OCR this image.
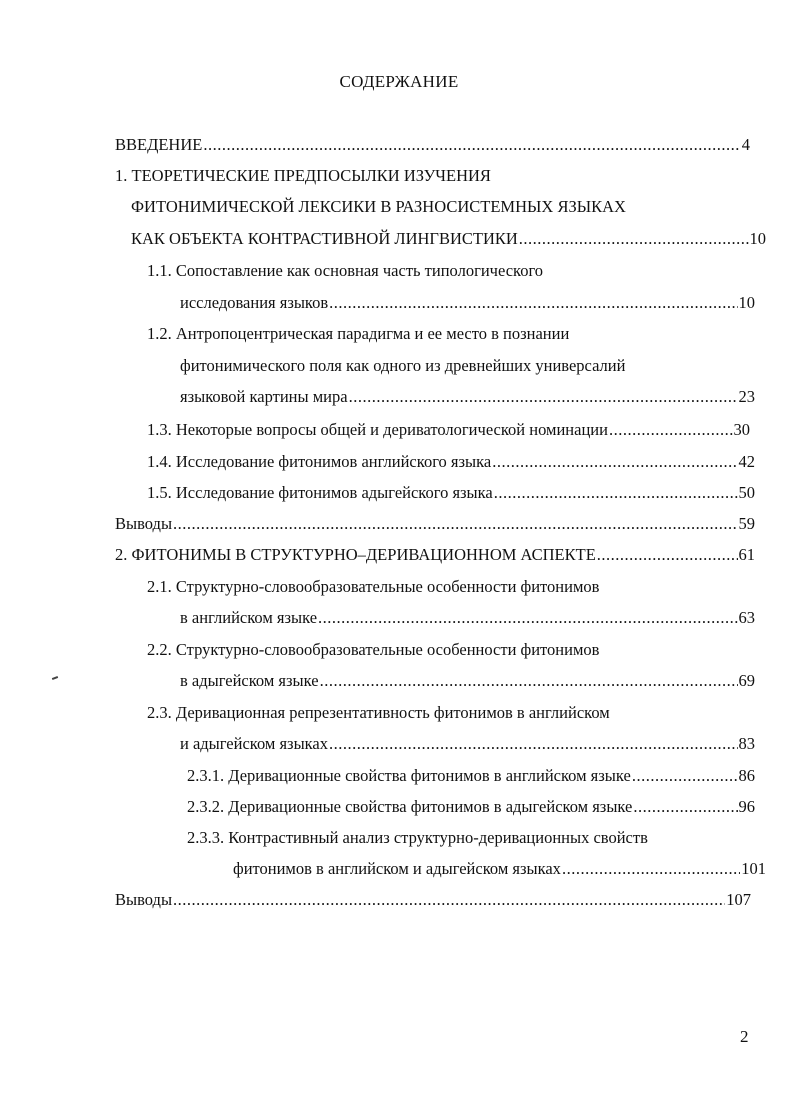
СОДЕРЖАНИЕ
ВВЕДЕНИЕ .....	4
1. ТЕОРЕТИЧЕСКИЕ ПРЕДПОСЫЛКИ ИЗУЧЕНИЯ
ФИТОНИМИЧЕСКОЙ ЛЕКСИКИ В РАЗНОСИСТЕМНЫХ ЯЗЫКАХ
КАК ОБЪЕКТА КОНТРАСТИВНОЙ ЛИНГВИСТИКИ .....	10
1.1. Сопоставление как основная часть типологического
исследования языков .....	10
1.2. Антропоцентрическая парадигма и ее место в познании
фитонимического поля как одного из древнейших универсалий
языковой картины мира .....	23
1.3. Некоторые вопросы общей и дериватологической номинации .....	30
1.4. Исследование фитонимов английского языка .....	42
1.5. Исследование фитонимов адыгейского языка .....	50
Выводы .....	59
2. ФИТОНИМЫ В СТРУКТУРНО–ДЕРИВАЦИОННОМ АСПЕКТЕ .....	61
2.1. Структурно-словообразовательные особенности фитонимов
в английском языке .....	63
2.2. Структурно-словообразовательные особенности фитонимов
в адыгейском языке .....	69
2.3. Деривационная репрезентативность фитонимов в английском
и адыгейском языках .....	83
2.3.1. Деривационные свойства фитонимов в английском языке .....	86
2.3.2. Деривационные свойства фитонимов в адыгейском языке .....	96
2.3.3. Контрастивный анализ структурно-деривационных свойств
фитонимов в английском и адыгейском языках .....	101
Выводы .....	107
2
